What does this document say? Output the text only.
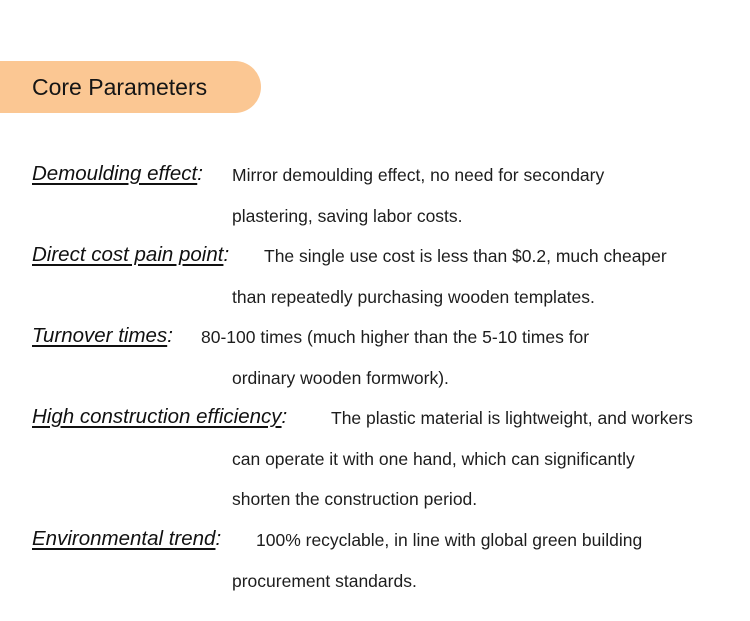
Core Parameters
Demoulding effect: Mirror demoulding effect, no need for secondary
plastering, saving labor costs.
Direct cost pain point: The single use cost is less than $0.2, much cheaper
than repeatedly purchasing wooden templates.
Turnover times: 80-100 times (much higher than the 5-10 times for
ordinary wooden formwork).
High construction efficiency:	The plastic material is lightweight, and workers
can operate it with one hand, which can significantly
shorten the construction period.
Environmental trend: 100% recyclable, in line with global green building
procurement standards.
